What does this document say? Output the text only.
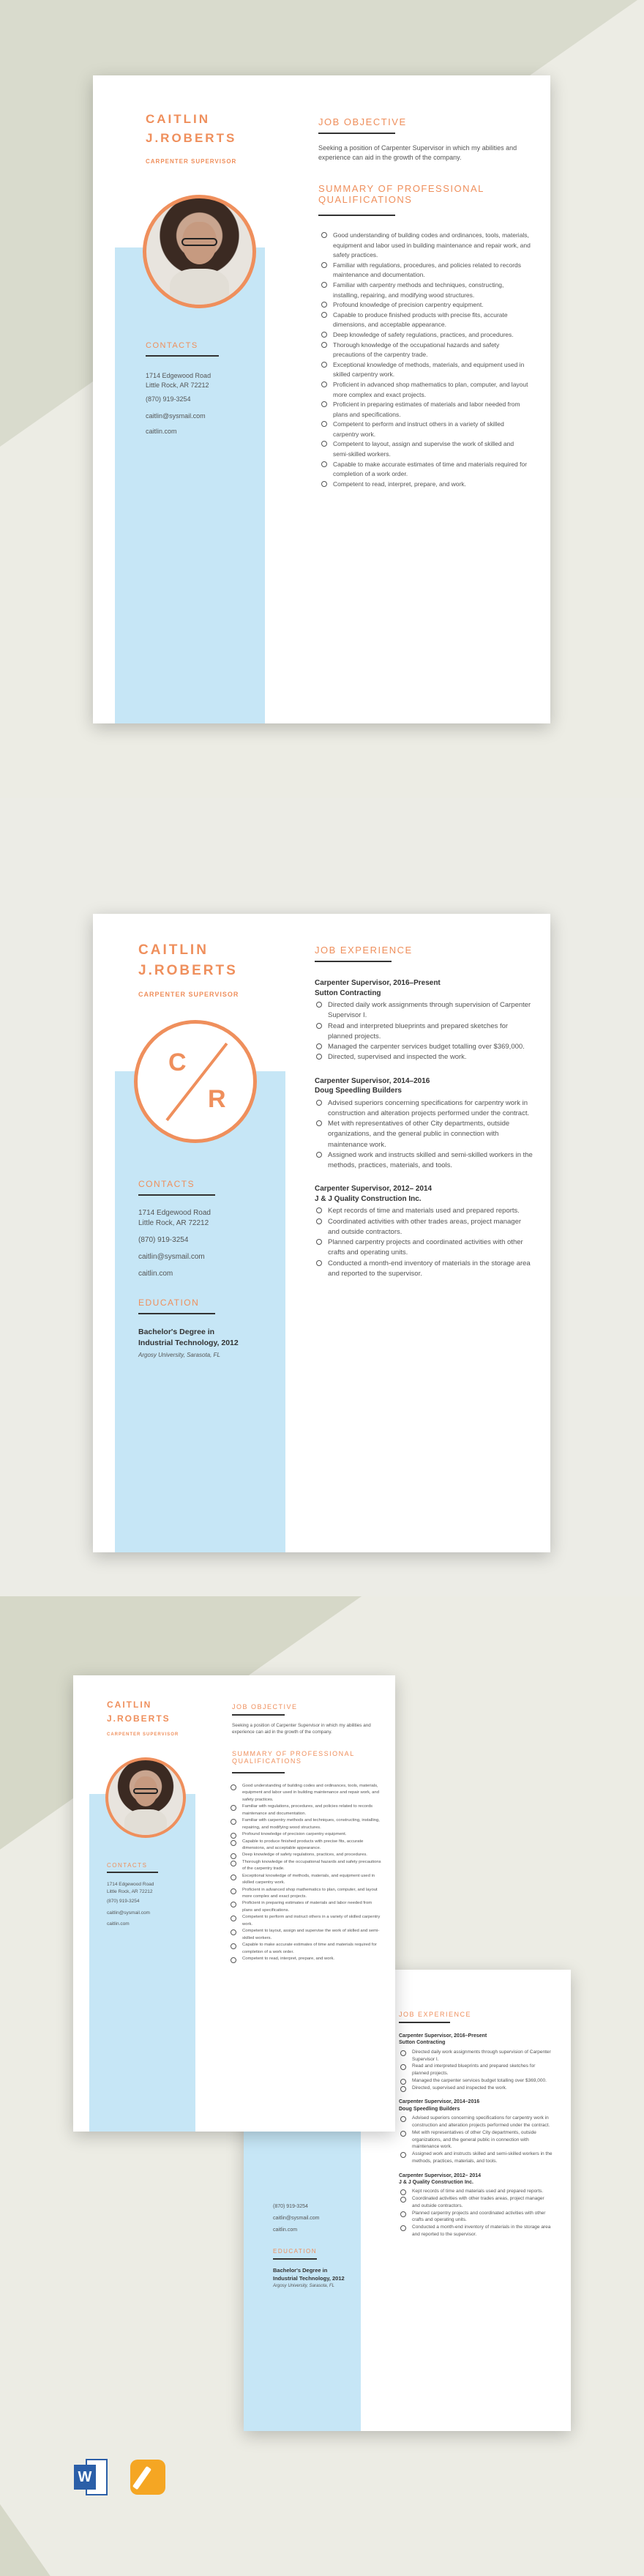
CAITLIN
J.ROBERTS
CARPENTER SUPERVISOR
CONTACTS
1714 Edgewood Road
Little Rock, AR 72212
(870) 919-3254
caitlin@sysmail.com
caitlin.com
JOB OBJECTIVE
Seeking a position of Carpenter Supervisor in which my abilities and experience can aid in the growth of the company.
SUMMARY OF PROFESSIONAL QUALIFICATIONS
Good understanding of building codes and ordinances, tools, materials, equipment and labor used in building maintenance and repair work, and safety practices.
Familiar with regulations, procedures, and policies related to records maintenance and documentation.
Familiar with carpentry methods and techniques, constructing, installing, repairing, and modifying wood structures.
Profound knowledge of precision carpentry equipment.
Capable to produce finished products with precise fits, accurate dimensions, and acceptable appearance.
Deep knowledge of safety regulations, practices, and procedures.
Thorough knowledge of the occupational hazards and safety precautions of the carpentry trade.
Exceptional knowledge of methods, materials, and equipment used in skilled carpentry work.
Proficient in advanced shop mathematics to plan, computer, and layout more complex and exact projects.
Proficient in preparing estimates of materials and labor needed from plans and specifications.
Competent to perform and instruct others in a variety of skilled carpentry work.
Competent to layout, assign and supervise the work of skilled and semi-skilled workers.
Capable to make accurate estimates of time and materials required for completion of a work order.
Competent to read, interpret, prepare, and work.
CAITLIN
J.ROBERTS
CARPENTER SUPERVISOR
C
R
CONTACTS
1714 Edgewood Road
Little Rock, AR 72212
(870) 919-3254
caitlin@sysmail.com
caitlin.com
EDUCATION
Bachelor's Degree in
Industrial Technology, 2012
Argosy University, Sarasota, FL
JOB EXPERIENCE
Carpenter Supervisor, 2016–Present
Sutton Contracting
Directed daily work assignments through supervision of Carpenter Supervisor I.
Read and interpreted blueprints and prepared sketches for planned projects.
Managed the carpenter services budget totalling over $369,000.
Directed, supervised and inspected the work.
Carpenter Supervisor, 2014–2016
Doug Speedling Builders
Advised superiors concerning specifications for carpentry work in construction and alteration projects performed under the contract.
Met with representatives of other City departments, outside organizations, and the general public in connection with maintenance work.
Assigned work and instructs skilled and semi-skilled workers in the methods, practices, materials, and tools.
Carpenter Supervisor, 2012– 2014
J & J Quality Construction Inc.
Kept records of time and materials used and prepared reports.
Coordinated activities with other trades areas, project manager and outside contractors.
Planned carpentry projects and coordinated activities with other crafts and operating units.
Conducted a month-end inventory of materials in the storage area and reported to the supervisor.
(870) 919-3254
caitlin@sysmail.com
caitlin.com
EDUCATION
Bachelor's Degree in
Industrial Technology, 2012
Argosy University, Sarasota, FL
JOB EXPERIENCE
Carpenter Supervisor, 2016–Present
Sutton Contracting
Directed daily work assignments through supervision of Carpenter Supervisor I.
Read and interpreted blueprints and prepared sketches for planned projects.
Managed the carpenter services budget totalling over $369,000.
Directed, supervised and inspected the work.
Carpenter Supervisor, 2014–2016
Doug Speedling Builders
Advised superiors concerning specifications for carpentry work in construction and alteration projects performed under the contract.
Met with representatives of other City departments, outside organizations, and the general public in connection with maintenance work.
Assigned work and instructs skilled and semi-skilled workers in the methods, practices, materials, and tools.
Carpenter Supervisor, 2012– 2014
J & J Quality Construction Inc.
Kept records of time and materials used and prepared reports.
Coordinated activities with other trades areas, project manager and outside contractors.
Planned carpentry projects and coordinated activities with other crafts and operating units.
Conducted a month-end inventory of materials in the storage area and reported to the supervisor.
CAITLIN
J.ROBERTS
CARPENTER SUPERVISOR
CONTACTS
1714 Edgewood Road
Little Rock, AR 72212
(870) 919-3254
caitlin@sysmail.com
caitlin.com
JOB OBJECTIVE
Seeking a position of Carpenter Supervisor in which my abilities and experience can aid in the growth of the company.
SUMMARY OF PROFESSIONAL QUALIFICATIONS
Good understanding of building codes and ordinances, tools, materials, equipment and labor used in building maintenance and repair work, and safety practices.
Familiar with regulations, procedures, and policies related to records maintenance and documentation.
Familiar with carpentry methods and techniques, constructing, installing, repairing, and modifying wood structures.
Profound knowledge of precision carpentry equipment.
Capable to produce finished products with precise fits, accurate dimensions, and acceptable appearance.
Deep knowledge of safety regulations, practices, and procedures.
Thorough knowledge of the occupational hazards and safety precautions of the carpentry trade.
Exceptional knowledge of methods, materials, and equipment used in skilled carpentry work.
Proficient in advanced shop mathematics to plan, computer, and layout more complex and exact projects.
Proficient in preparing estimates of materials and labor needed from plans and specifications.
Competent to perform and instruct others in a variety of skilled carpentry work.
Competent to layout, assign and supervise the work of skilled and semi-skilled workers.
Capable to make accurate estimates of time and materials required for completion of a work order.
Competent to read, interpret, prepare, and work.
W
